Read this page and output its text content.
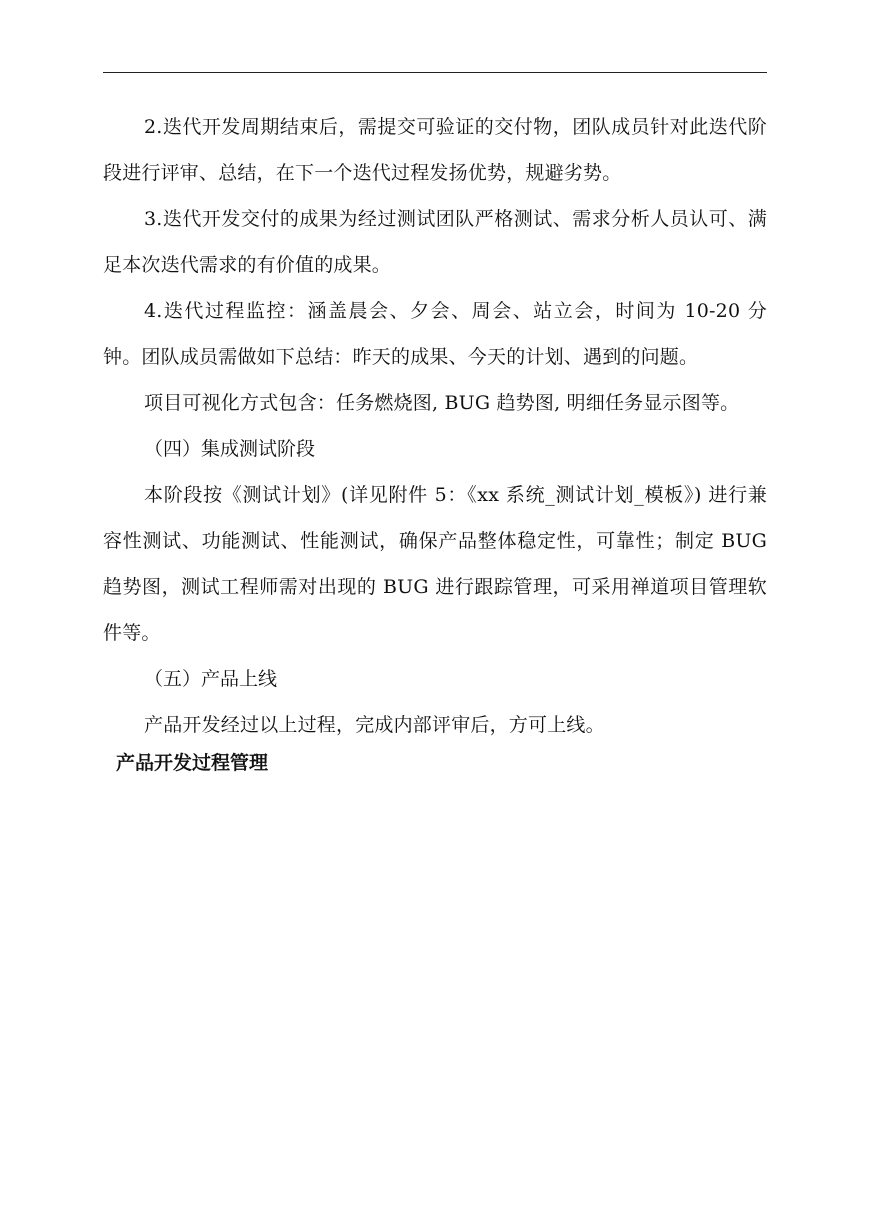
2.迭代开发周期结束后，需提交可验证的交付物，团队成员针对此迭代阶段进行评审、总结，在下一个迭代过程发扬优势，规避劣势。

3.迭代开发交付的成果为经过测试团队严格测试、需求分析人员认可、满足本次迭代需求的有价值的成果。

4.迭代过程监控：涵盖晨会、夕会、周会、站立会，时间为 10-20 分钟。团队成员需做如下总结：昨天的成果、今天的计划、遇到的问题。

项目可视化方式包含：任务燃烧图, BUG 趋势图, 明细任务显示图等。

（四）集成测试阶段

本阶段按《测试计划》(详见附件 5：《xx 系统_测试计划_模板》) 进行兼容性测试、功能测试、性能测试，确保产品整体稳定性，可靠性；制定 BUG 趋势图，测试工程师需对出现的 BUG 进行跟踪管理，可采用禅道项目管理软件等。

（五）产品上线

产品开发经过以上过程，完成内部评审后，方可上线。

产品开发过程管理
